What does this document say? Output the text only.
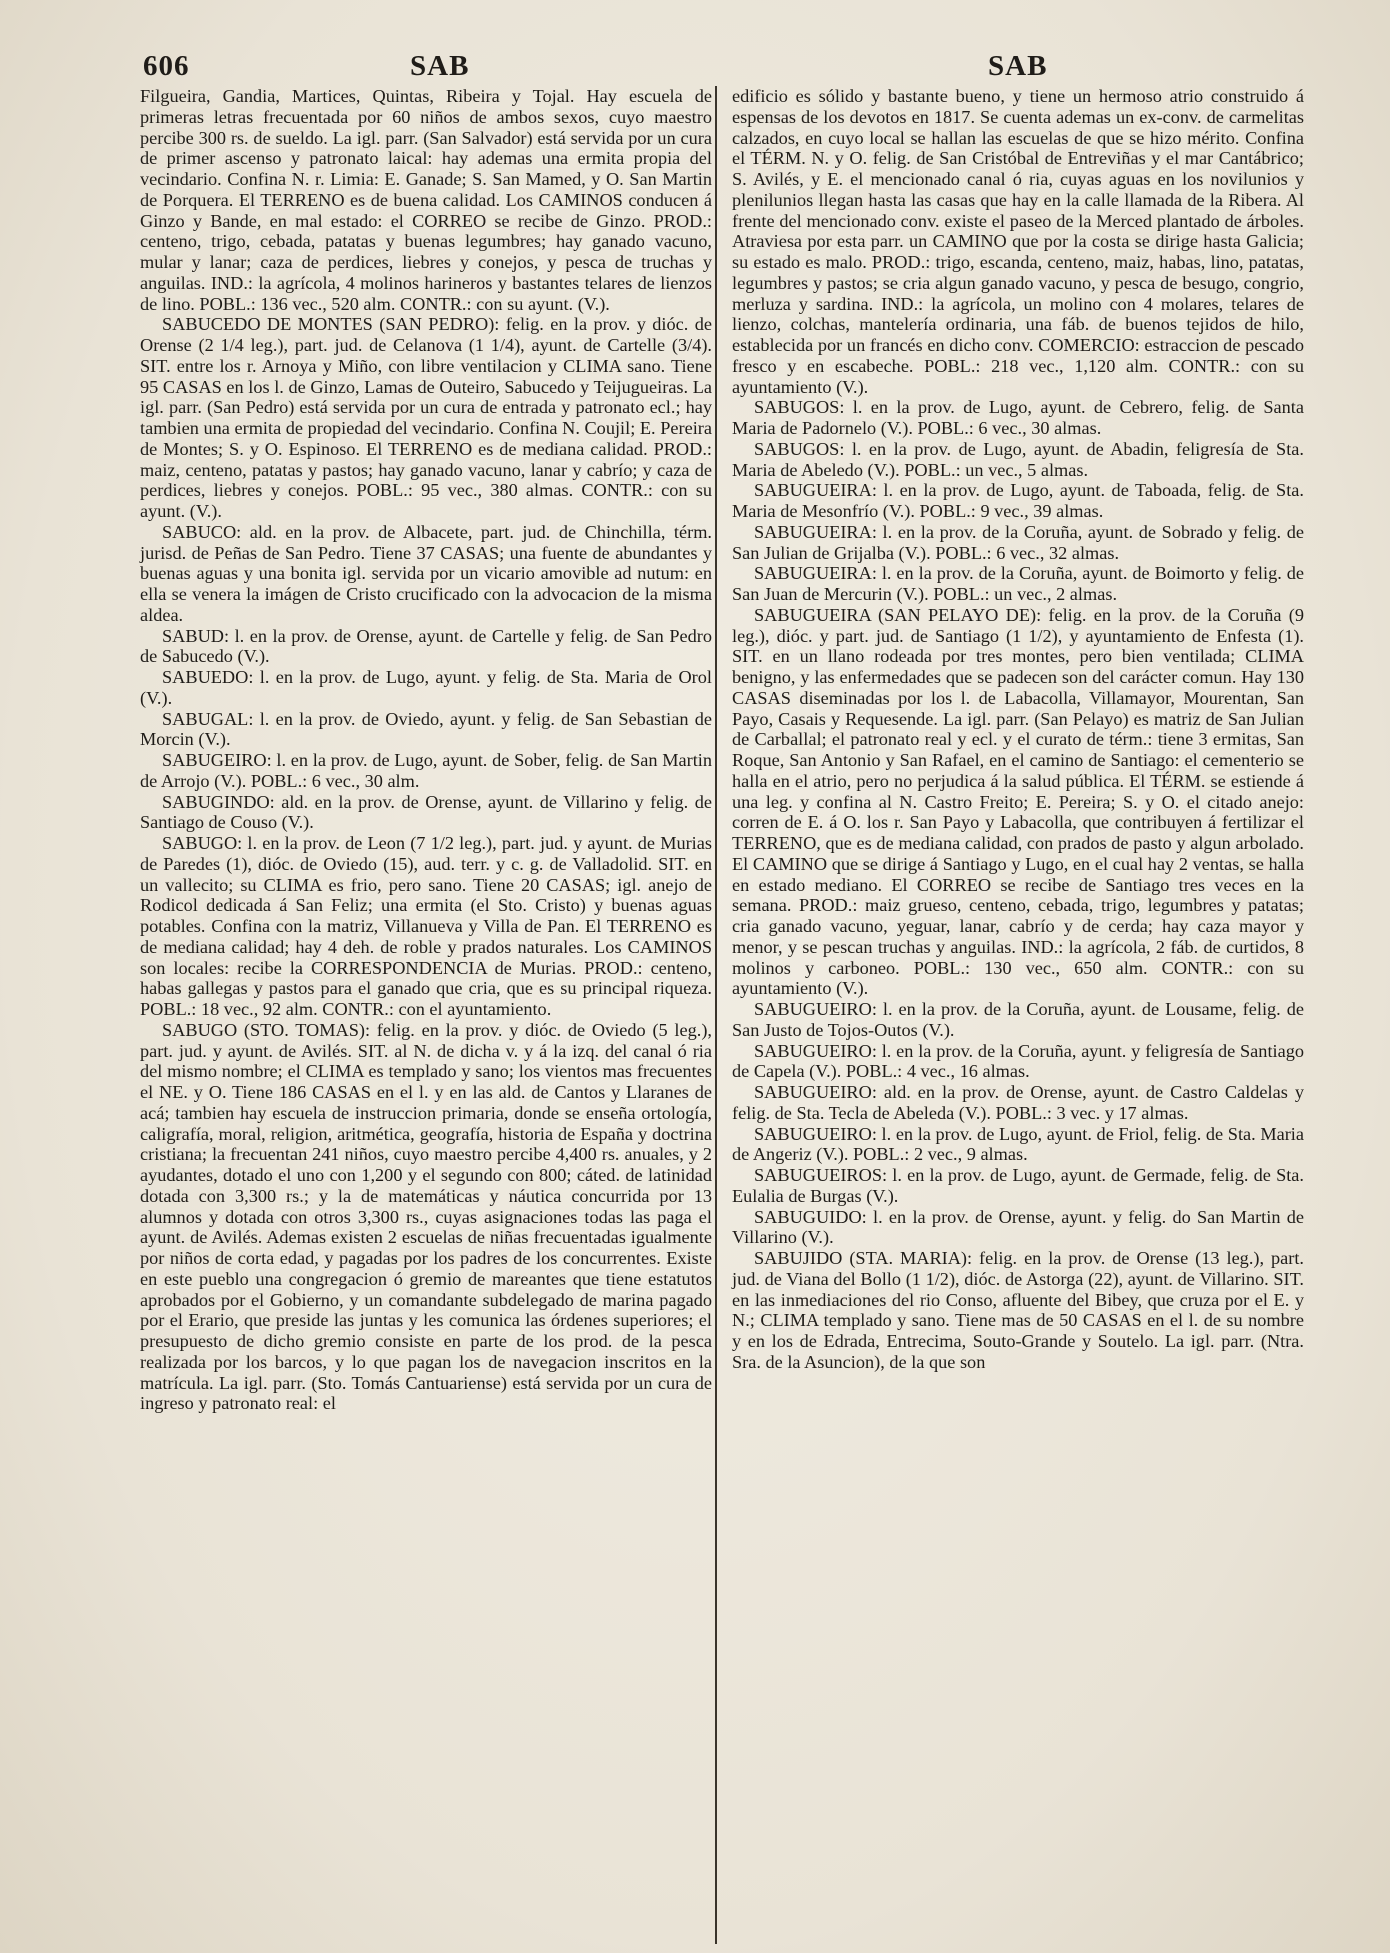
606	SAB	SAB

Filgueira, Gandia, Martices, Quintas, Ribeira y Tojal. Hay escuela de primeras letras frecuentada por 60 niños de ambos sexos, cuyo maestro percibe 300 rs. de sueldo. La igl. parr. (San Salvador) está servida por un cura de primer ascenso y patronato laical: hay ademas una ermita propia del vecindario. Confina N. r. Limia: E. Ganade; S. San Mamed, y O. San Martin de Porquera. El TERRENO es de buena calidad. Los CAMINOS conducen á Ginzo y Bande, en mal estado: el CORREO se recibe de Ginzo. PROD.: centeno, trigo, cebada, patatas y buenas legumbres; hay ganado vacuno, mular y lanar; caza de perdices, liebres y conejos, y pesca de truchas y anguilas. IND.: la agrícola, 4 molinos harineros y bastantes telares de lienzos de lino. POBL.: 136 vec., 520 alm. CONTR.: con su ayunt. (V.).

SABUCEDO DE MONTES (SAN PEDRO): felig. en la prov. y dióc. de Orense (2 1/4 leg.), part. jud. de Celanova (1 1/4), ayunt. de Cartelle (3/4). SIT. entre los r. Arnoya y Miño, con libre ventilacion y CLIMA sano. Tiene 95 CASAS en los l. de Ginzo, Lamas de Outeiro, Sabucedo y Teijugueiras. La igl. parr. (San Pedro) está servida por un cura de entrada y patronato ecl.; hay tambien una ermita de propiedad del vecindario. Confina N. Coujil; E. Pereira de Montes; S. y O. Espinoso. El TERRENO es de mediana calidad. PROD.: maiz, centeno, patatas y pastos; hay ganado vacuno, lanar y cabrío; y caza de perdices, liebres y conejos. POBL.: 95 vec., 380 almas. CONTR.: con su ayunt. (V.).

SABUCO: ald. en la prov. de Albacete, part. jud. de Chinchilla, térm. jurisd. de Peñas de San Pedro. Tiene 37 CASAS; una fuente de abundantes y buenas aguas y una bonita igl. servida por un vicario amovible ad nutum: en ella se venera la imágen de Cristo crucificado con la advocacion de la misma aldea.

SABUD: l. en la prov. de Orense, ayunt. de Cartelle y felig. de San Pedro de Sabucedo (V.).

SABUEDO: l. en la prov. de Lugo, ayunt. y felig. de Sta. Maria de Orol (V.).

SABUGAL: l. en la prov. de Oviedo, ayunt. y felig. de San Sebastian de Morcin (V.).

SABUGEIRO: l. en la prov. de Lugo, ayunt. de Sober, felig. de San Martin de Arrojo (V.). POBL.: 6 vec., 30 alm.

SABUGINDO: ald. en la prov. de Orense, ayunt. de Villarino y felig. de Santiago de Couso (V.).

SABUGO: l. en la prov. de Leon (7 1/2 leg.), part. jud. y ayunt. de Murias de Paredes (1), dióc. de Oviedo (15), aud. terr. y c. g. de Valladolid. SIT. en un vallecito; su CLIMA es frio, pero sano. Tiene 20 CASAS; igl. anejo de Rodicol dedicada á San Feliz; una ermita (el Sto. Cristo) y buenas aguas potables. Confina con la matriz, Villanueva y Villa de Pan. El TERRENO es de mediana calidad; hay 4 deh. de roble y prados naturales. Los CAMINOS son locales: recibe la CORRESPONDENCIA de Murias. PROD.: centeno, habas gallegas y pastos para el ganado que cria, que es su principal riqueza. POBL.: 18 vec., 92 alm. CONTR.: con el ayuntamiento.

SABUGO (STO. TOMAS): felig. en la prov. y dióc. de Oviedo (5 leg.), part. jud. y ayunt. de Avilés. SIT. al N. de dicha v. y á la izq. del canal ó ria del mismo nombre; el CLIMA es templado y sano; los vientos mas frecuentes el NE. y O. Tiene 186 CASAS en el l. y en las ald. de Cantos y Llaranes de acá; tambien hay escuela de instruccion primaria, donde se enseña ortología, caligrafía, moral, religion, aritmética, geografía, historia de España y doctrina cristiana; la frecuentan 241 niños, cuyo maestro percibe 4,400 rs. anuales, y 2 ayudantes, dotado el uno con 1,200 y el segundo con 800; cáted. de latinidad dotada con 3,300 rs.; y la de matemáticas y náutica concurrida por 13 alumnos y dotada con otros 3,300 rs., cuyas asignaciones todas las paga el ayunt. de Avilés. Ademas existen 2 escuelas de niñas frecuentadas igualmente por niños de corta edad, y pagadas por los padres de los concurrentes. Existe en este pueblo una congregacion ó gremio de mareantes que tiene estatutos aprobados por el Gobierno, y un comandante subdelegado de marina pagado por el Erario, que preside las juntas y les comunica las órdenes superiores; el presupuesto de dicho gremio consiste en parte de los prod. de la pesca realizada por los barcos, y lo que pagan los de navegacion inscritos en la matrícula. La igl. parr. (Sto. Tomás Cantuariense) está servida por un cura de ingreso y patronato real: el

edificio es sólido y bastante bueno, y tiene un hermoso atrio construido á espensas de los devotos en 1817. Se cuenta ademas un ex-conv. de carmelitas calzados, en cuyo local se hallan las escuelas de que se hizo mérito. Confina el TÉRM. N. y O. felig. de San Cristóbal de Entreviñas y el mar Cantábrico; S. Avilés, y E. el mencionado canal ó ria, cuyas aguas en los novilunios y plenilunios llegan hasta las casas que hay en la calle llamada de la Ribera. Al frente del mencionado conv. existe el paseo de la Merced plantado de árboles. Atraviesa por esta parr. un CAMINO que por la costa se dirige hasta Galicia; su estado es malo. PROD.: trigo, escanda, centeno, maiz, habas, lino, patatas, legumbres y pastos; se cria algun ganado vacuno, y pesca de besugo, congrio, merluza y sardina. IND.: la agrícola, un molino con 4 molares, telares de lienzo, colchas, mantelería ordinaria, una fáb. de buenos tejidos de hilo, establecida por un francés en dicho conv. COMERCIO: estraccion de pescado fresco y en escabeche. POBL.: 218 vec., 1,120 alm. CONTR.: con su ayuntamiento (V.).

SABUGOS: l. en la prov. de Lugo, ayunt. de Cebrero, felig. de Santa Maria de Padornelo (V.). POBL.: 6 vec., 30 almas.

SABUGOS: l. en la prov. de Lugo, ayunt. de Abadin, feligresía de Sta. Maria de Abeledo (V.). POBL.: un vec., 5 almas.

SABUGUEIRA: l. en la prov. de Lugo, ayunt. de Taboada, felig. de Sta. Maria de Mesonfrío (V.). POBL.: 9 vec., 39 almas.

SABUGUEIRA: l. en la prov. de la Coruña, ayunt. de Sobrado y felig. de San Julian de Grijalba (V.). POBL.: 6 vec., 32 almas.

SABUGUEIRA: l. en la prov. de la Coruña, ayunt. de Boimorto y felig. de San Juan de Mercurin (V.). POBL.: un vec., 2 almas.

SABUGUEIRA (SAN PELAYO DE): felig. en la prov. de la Coruña (9 leg.), dióc. y part. jud. de Santiago (1 1/2), y ayuntamiento de Enfesta (1). SIT. en un llano rodeada por tres montes, pero bien ventilada; CLIMA benigno, y las enfermedades que se padecen son del carácter comun. Hay 130 CASAS diseminadas por los l. de Labacolla, Villamayor, Mourentan, San Payo, Casais y Requesende. La igl. parr. (San Pelayo) es matriz de San Julian de Carballal; el patronato real y ecl. y el curato de térm.: tiene 3 ermitas, San Roque, San Antonio y San Rafael, en el camino de Santiago: el cementerio se halla en el atrio, pero no perjudica á la salud pública. El TÉRM. se estiende á una leg. y confina al N. Castro Freito; E. Pereira; S. y O. el citado anejo: corren de E. á O. los r. San Payo y Labacolla, que contribuyen á fertilizar el TERRENO, que es de mediana calidad, con prados de pasto y algun arbolado. El CAMINO que se dirige á Santiago y Lugo, en el cual hay 2 ventas, se halla en estado mediano. El CORREO se recibe de Santiago tres veces en la semana. PROD.: maiz grueso, centeno, cebada, trigo, legumbres y patatas; cria ganado vacuno, yeguar, lanar, cabrío y de cerda; hay caza mayor y menor, y se pescan truchas y anguilas. IND.: la agrícola, 2 fáb. de curtidos, 8 molinos y carboneo. POBL.: 130 vec., 650 alm. CONTR.: con su ayuntamiento (V.).

SABUGUEIRO: l. en la prov. de la Coruña, ayunt. de Lousame, felig. de San Justo de Tojos-Outos (V.).

SABUGUEIRO: l. en la prov. de la Coruña, ayunt. y feligresía de Santiago de Capela (V.). POBL.: 4 vec., 16 almas.

SABUGUEIRO: ald. en la prov. de Orense, ayunt. de Castro Caldelas y felig. de Sta. Tecla de Abeleda (V.). POBL.: 3 vec. y 17 almas.

SABUGUEIRO: l. en la prov. de Lugo, ayunt. de Friol, felig. de Sta. Maria de Angeriz (V.). POBL.: 2 vec., 9 almas.

SABUGUEIROS: l. en la prov. de Lugo, ayunt. de Germade, felig. de Sta. Eulalia de Burgas (V.).

SABUGUIDO: l. en la prov. de Orense, ayunt. y felig. do San Martin de Villarino (V.).

SABUJIDO (STA. MARIA): felig. en la prov. de Orense (13 leg.), part. jud. de Viana del Bollo (1 1/2), dióc. de Astorga (22), ayunt. de Villarino. SIT. en las inmediaciones del rio Conso, afluente del Bibey, que cruza por el E. y N.; CLIMA templado y sano. Tiene mas de 50 CASAS en el l. de su nombre y en los de Edrada, Entrecima, Souto-Grande y Soutelo. La igl. parr. (Ntra. Sra. de la Asuncion), de la que son
